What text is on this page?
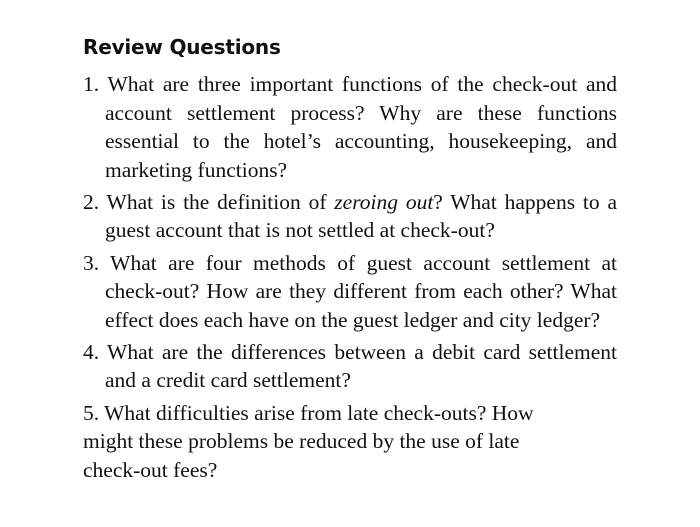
Review Questions

1. What are three important functions of the check-out and account settlement process? Why are these functions essential to the hotel’s accounting, housekeeping, and marketing functions?

2. What is the definition of zeroing out? What happens to a guest account that is not settled at check-out?

3. What are four methods of guest account settlement at check-out? How are they different from each other? What effect does each have on the guest ledger and city ledger?

4. What are the differences between a debit card settlement and a credit card settlement?

5. What difficulties arise from late check-outs? How
might these problems be reduced by the use of late
check-out fees?
